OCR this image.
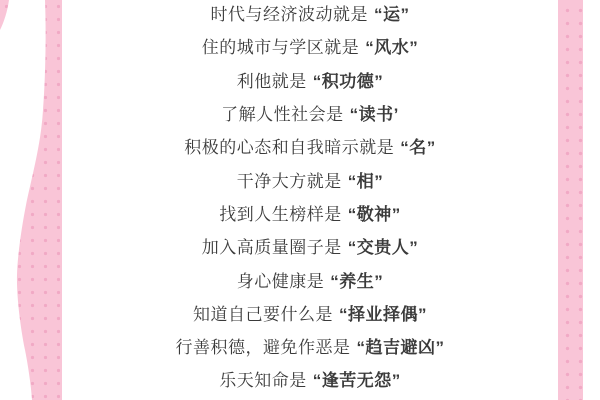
时代与经济波动就是 “运”
住的城市与学区就是 “风水”
利他就是 “积功德”
了解人性社会是 “读书’
积极的心态和自我暗示就是 “名”
干净大方就是 “相”
找到人生榜样是 “敬神”
加入高质量圈子是 “交贵人”
身心健康是 “养生”
知道自己要什么是 “择业择偶”
行善积德，避免作恶是 “趋吉避凶”
乐天知命是 “逢苦无怨”
